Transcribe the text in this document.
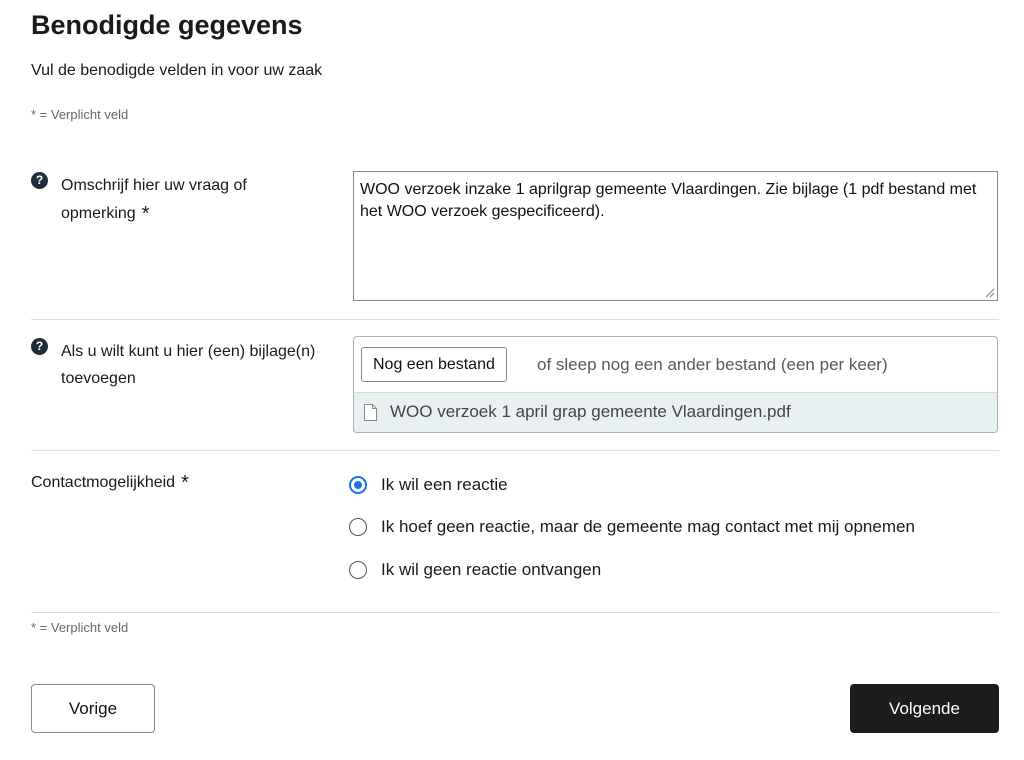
Benodigde gegevens
Vul de benodigde velden in voor uw zaak
* = Verplicht veld
?	Omschrijf hier uw vraag of opmerking *
WOO verzoek inzake 1 aprilgrap gemeente Vlaardingen. Zie bijlage (1 pdf bestand met het WOO verzoek gespecificeerd).
?	Als u wilt kunt u hier (een) bijlage(n) toevoegen
Nog een bestand	of sleep nog een ander bestand (een per keer)
WOO verzoek 1 april grap gemeente Vlaardingen.pdf
Contactmogelijkheid *	Ik wil een reactie
Ik hoef geen reactie, maar de gemeente mag contact met mij opnemen
Ik wil geen reactie ontvangen
* = Verplicht veld
Vorige	Volgende
